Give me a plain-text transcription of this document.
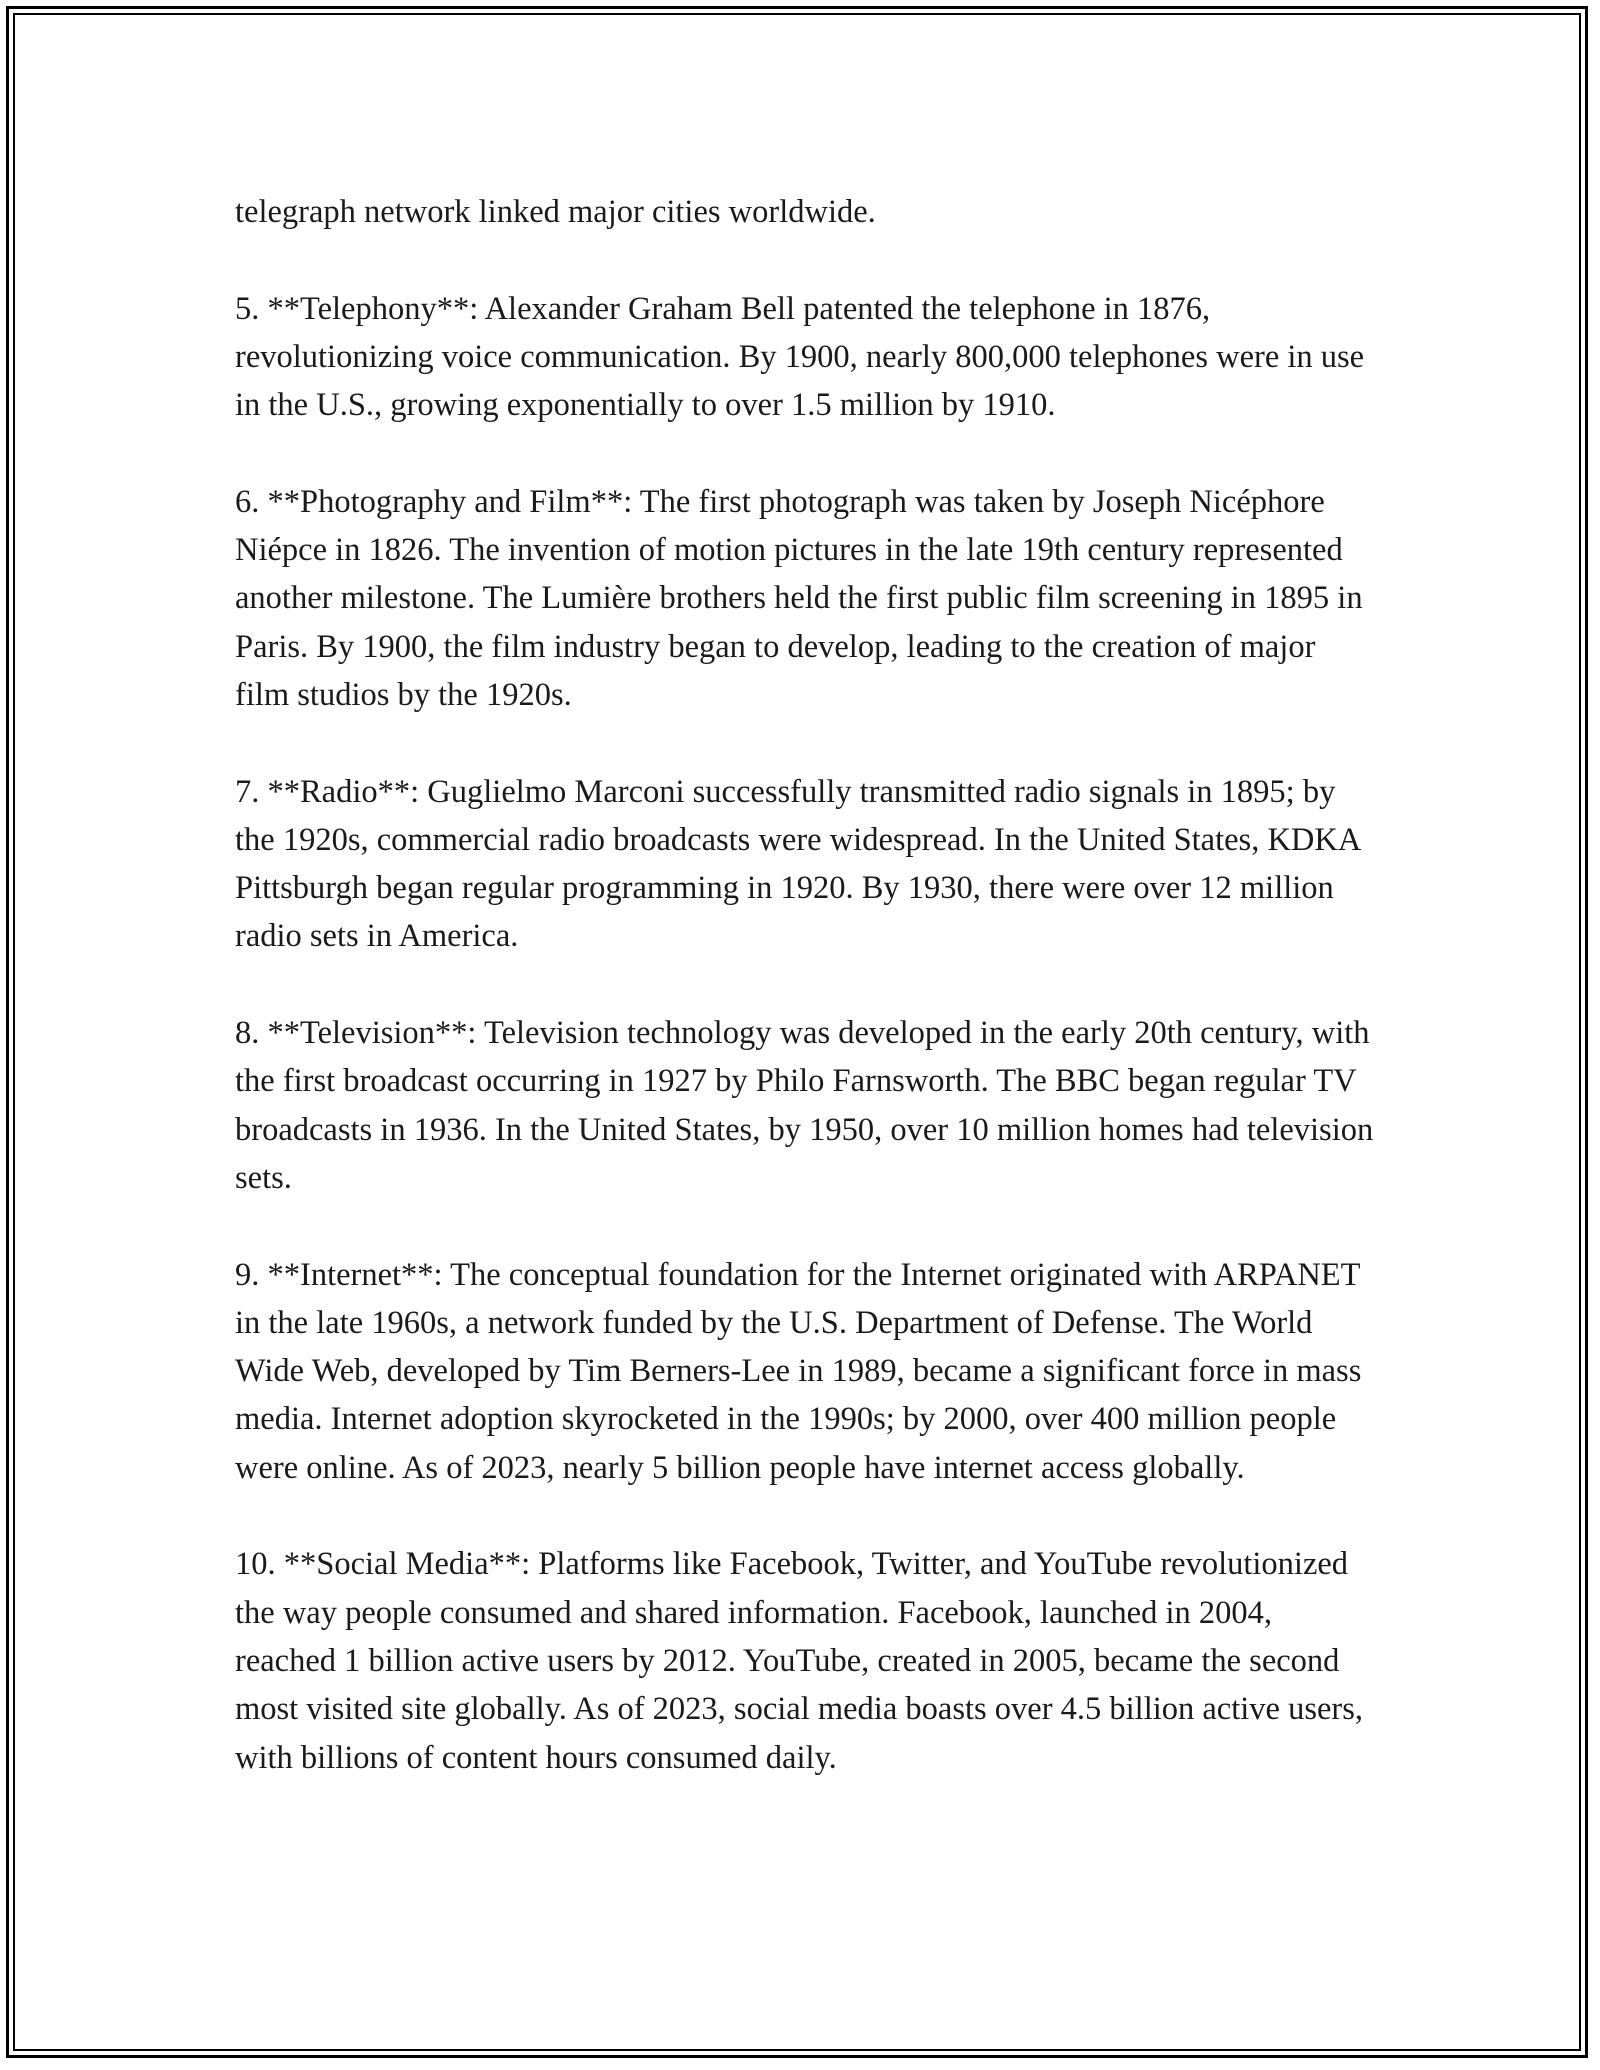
telegraph network linked major cities worldwide.

5. **Telephony**: Alexander Graham Bell patented the telephone in 1876, revolutionizing voice communication. By 1900, nearly 800,000 telephones were in use in the U.S., growing exponentially to over 1.5 million by 1910.

6. **Photography and Film**: The first photograph was taken by Joseph Nicéphore Niépce in 1826. The invention of motion pictures in the late 19th century represented another milestone. The Lumière brothers held the first public film screening in 1895 in Paris. By 1900, the film industry began to develop, leading to the creation of major film studios by the 1920s.

7. **Radio**: Guglielmo Marconi successfully transmitted radio signals in 1895; by the 1920s, commercial radio broadcasts were widespread. In the United States, KDKA Pittsburgh began regular programming in 1920. By 1930, there were over 12 million radio sets in America.

8. **Television**: Television technology was developed in the early 20th century, with the first broadcast occurring in 1927 by Philo Farnsworth. The BBC began regular TV broadcasts in 1936. In the United States, by 1950, over 10 million homes had television sets.

9. **Internet**: The conceptual foundation for the Internet originated with ARPANET in the late 1960s, a network funded by the U.S. Department of Defense. The World Wide Web, developed by Tim Berners-Lee in 1989, became a significant force in mass media. Internet adoption skyrocketed in the 1990s; by 2000, over 400 million people were online. As of 2023, nearly 5 billion people have internet access globally.

10. **Social Media**: Platforms like Facebook, Twitter, and YouTube revolutionized the way people consumed and shared information. Facebook, launched in 2004, reached 1 billion active users by 2012. YouTube, created in 2005, became the second most visited site globally. As of 2023, social media boasts over 4.5 billion active users, with billions of content hours consumed daily.
